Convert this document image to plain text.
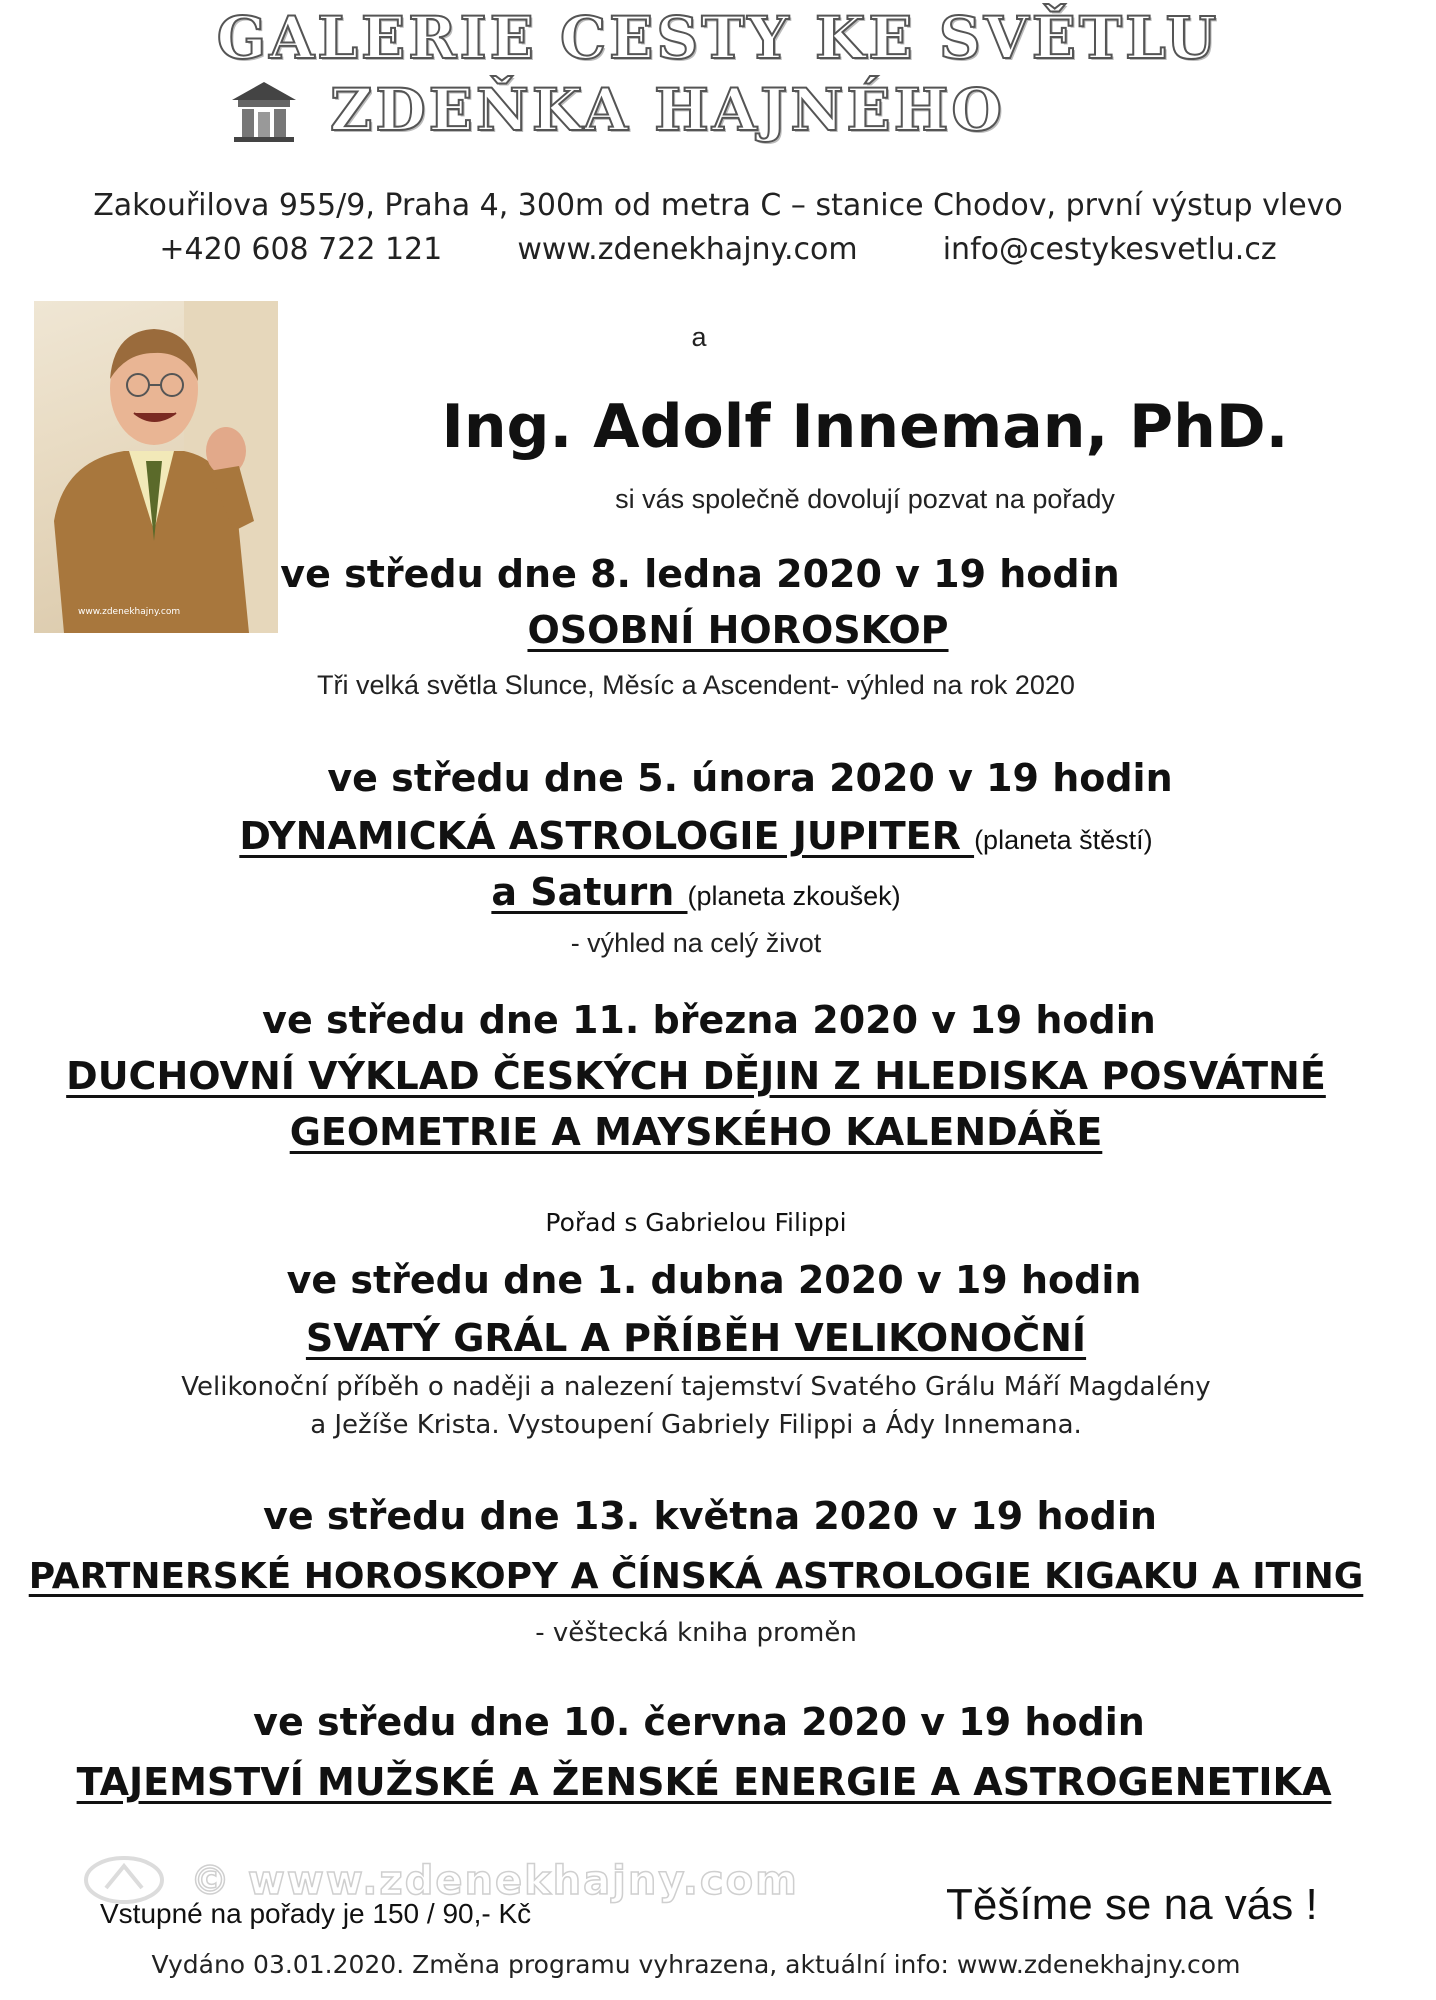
GALERIE CESTY KE SVĚTLU
ZDEŇKA HAJNÉHO
Zakouřilova 955/9, Praha 4, 300m od metra C – stanice Chodov, první výstup vlevo
+420 608 722 121	www.zdenekhajny.com	info@cestykesvetlu.cz
www.zdenekhajny.com
a
Ing. Adolf Inneman, PhD.
si vás společně dovolují pozvat na pořady
ve středu dne 8. ledna 2020 v 19 hodin
OSOBNÍ HOROSKOP
Tři velká světla Slunce, Měsíc a Ascendent- výhled na rok 2020
ve středu dne 5. února 2020 v 19 hodin
DYNAMICKÁ ASTROLOGIE JUPITER (planeta štěstí)
a Saturn (planeta zkoušek)
- výhled na celý život
ve středu dne 11. března 2020 v 19 hodin
DUCHOVNÍ VÝKLAD ČESKÝCH DĚJIN Z HLEDISKA POSVÁTNÉ
GEOMETRIE A MAYSKÉHO KALENDÁŘE
Pořad s Gabrielou Filippi
ve středu dne 1. dubna 2020 v 19 hodin
SVATÝ GRÁL A PŘÍBĚH VELIKONOČNÍ
Velikonoční příběh o naději a nalezení tajemství Svatého Grálu Máří Magdalény
a Ježíše Krista. Vystoupení Gabriely Filippi a Ády Innemana.
ve středu dne 13. května 2020 v 19 hodin
PARTNERSKÉ HOROSKOPY A ČÍNSKÁ ASTROLOGIE KIGAKU A ITING
- věštecká kniha proměn
ve středu dne 10. června 2020 v 19 hodin
TAJEMSTVÍ MUŽSKÉ A ŽENSKÉ ENERGIE A ASTROGENETIKA
© www.zdenekhajny.com
Vstupné na pořady je 150 / 90,- Kč	Těšíme se na vás !
Vydáno 03.01.2020. Změna programu vyhrazena, aktuální info: www.zdenekhajny.com
